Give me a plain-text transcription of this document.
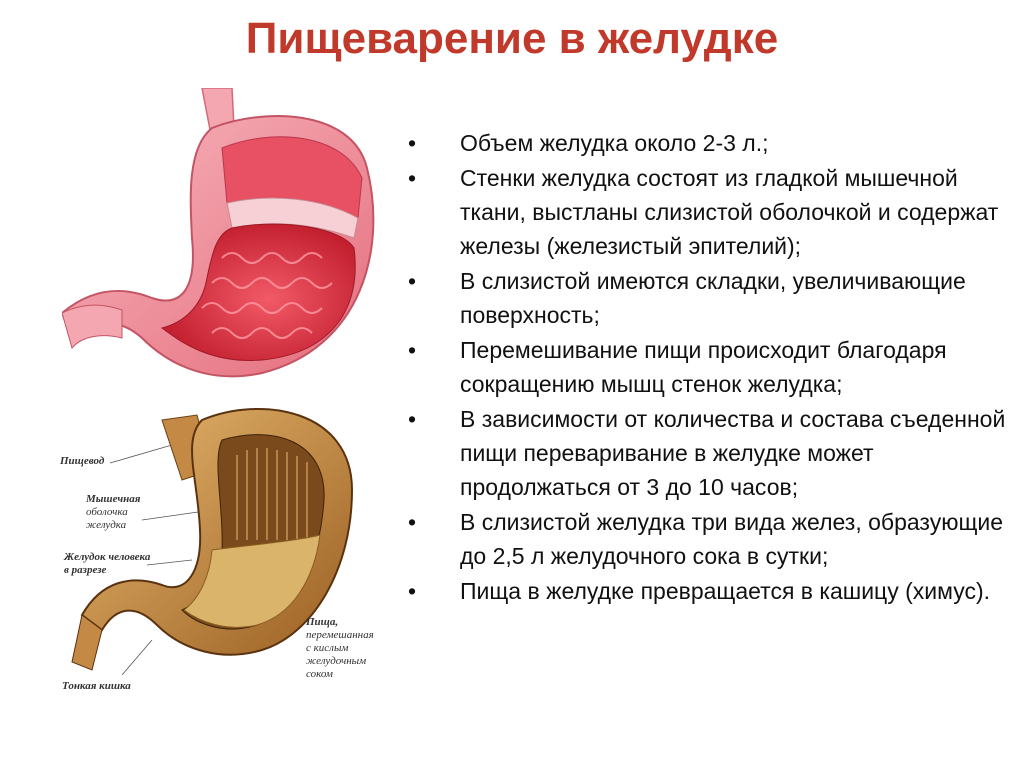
Пищеварение в желудке
Пищевод
Мышечная
оболочка
желудка
Желудок человека
в разрезе
Пища,
перемешанная
с кислым
желудочным
соком
Тонкая кишка
• Объем желудка около 2-3 л.;
• Стенки желудка состоят из гладкой мышечной ткани, выстланы слизистой оболочкой и содержат железы (железистый эпителий);
• В слизистой имеются складки, увеличивающие поверхность;
• Перемешивание пищи происходит благодаря сокращению мышц стенок желудка;
• В зависимости от количества и состава съеденной пищи переваривание в желудке может продолжаться от 3 до 10 часов;
• В слизистой желудка три вида желез, образующие до 2,5 л желудочного сока в сутки;
• Пища в желудке превращается в кашицу (химус).
